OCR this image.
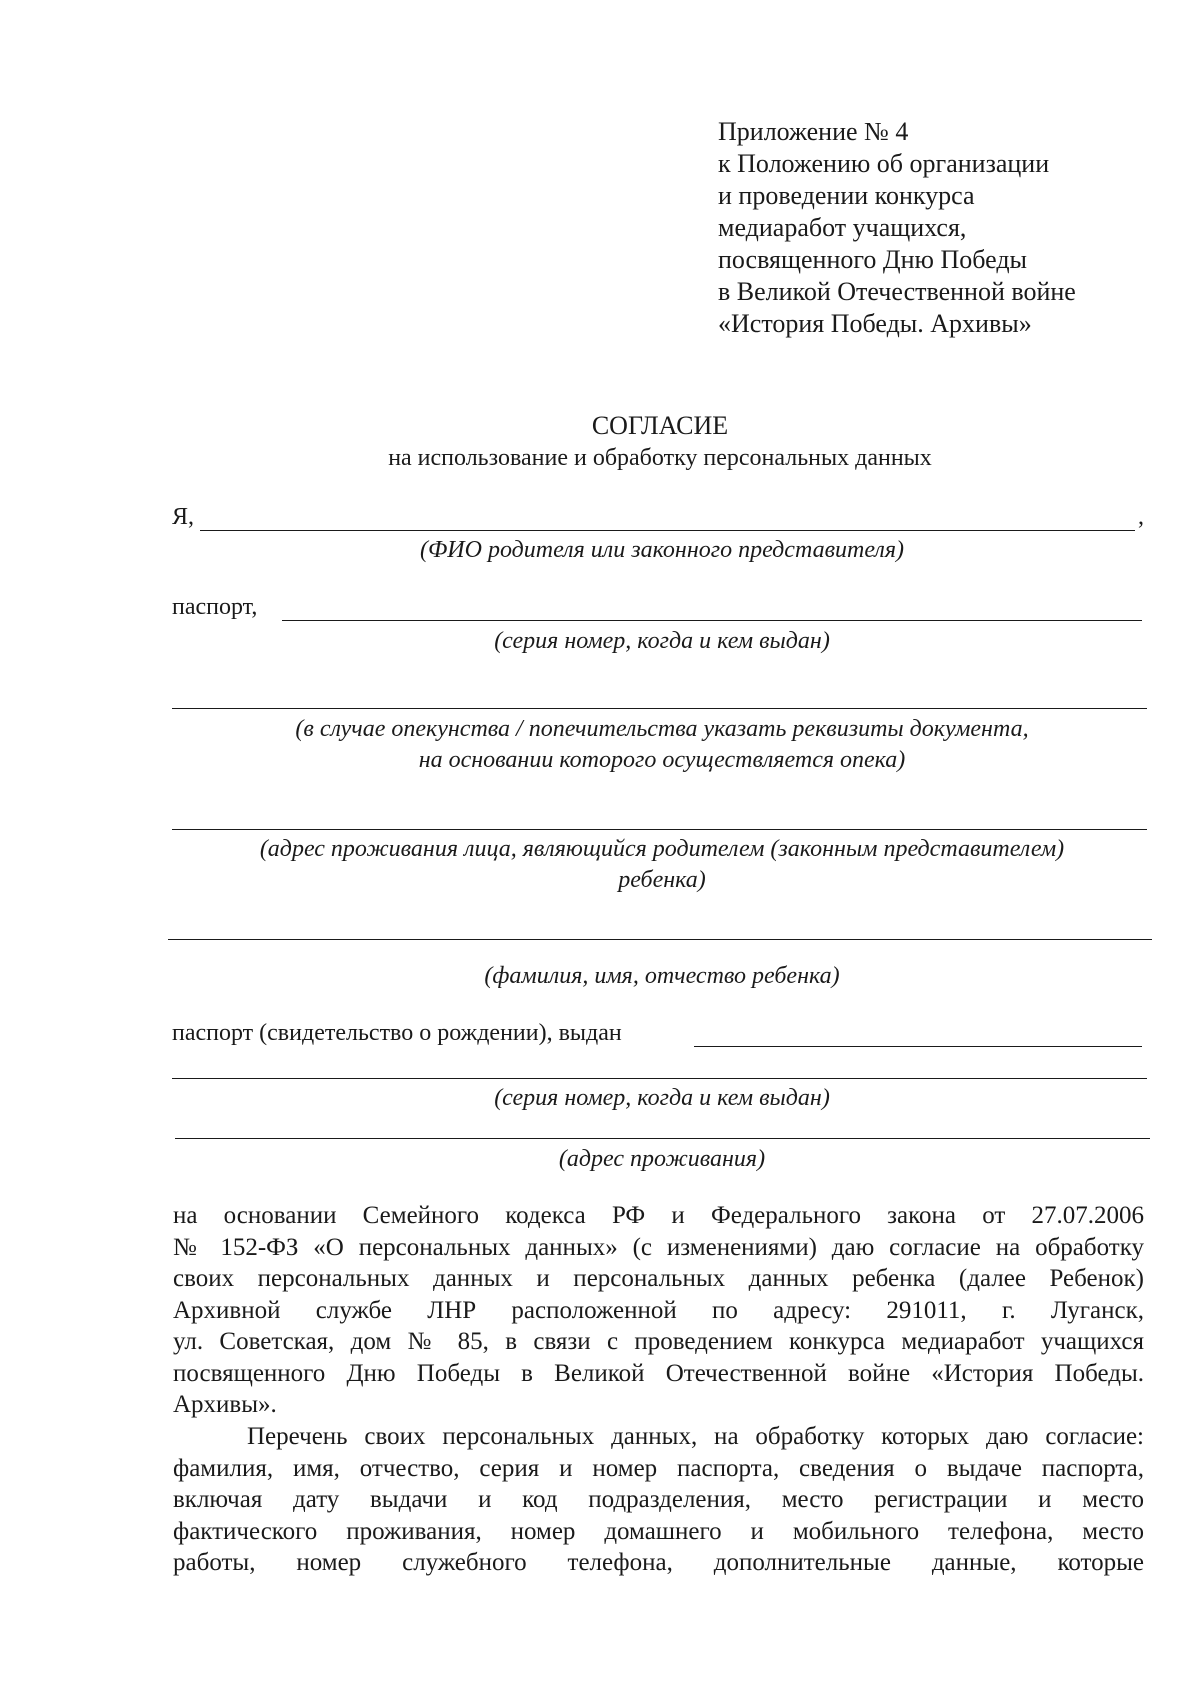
Приложение № 4
к Положению об организации
и проведении конкурса
медиаработ учащихся,
посвященного Дню Победы
в Великой Отечественной войне
«История Победы. Архивы»
СОГЛАСИЕ
на использование и обработку персональных данных
Я,	,
(ФИО родителя или законного представителя)
паспорт,
(серия номер, когда и кем выдан)
(в случае опекунства / попечительства указать реквизиты документа,
на основании которого осуществляется опека)
(адрес проживания лица, являющийся родителем (законным представителем)
ребенка)
(фамилия, имя, отчество ребенка)
паспорт (свидетельство о рождении), выдан
(серия номер, когда и кем выдан)
(адрес проживания)
на основании Семейного кодекса РФ и Федерального закона от 27.07.2006
№ 152-ФЗ «О персональных данных» (с изменениями) даю согласие на обработку
своих персональных данных и персональных данных ребенка (далее Ребенок)
Архивной службе ЛНР расположенной по адресу: 291011, г. Луганск,
ул. Советская, дом № 85, в связи с проведением конкурса медиаработ учащихся
посвященного Дню Победы в Великой Отечественной войне «История Победы.
Архивы».
Перечень своих персональных данных, на обработку которых даю согласие:
фамилия, имя, отчество, серия и номер паспорта, сведения о выдаче паспорта,
включая дату выдачи и код подразделения, место регистрации и место
фактического проживания, номер домашнего и мобильного телефона, место
работы, номер служебного телефона, дополнительные данные, которые
